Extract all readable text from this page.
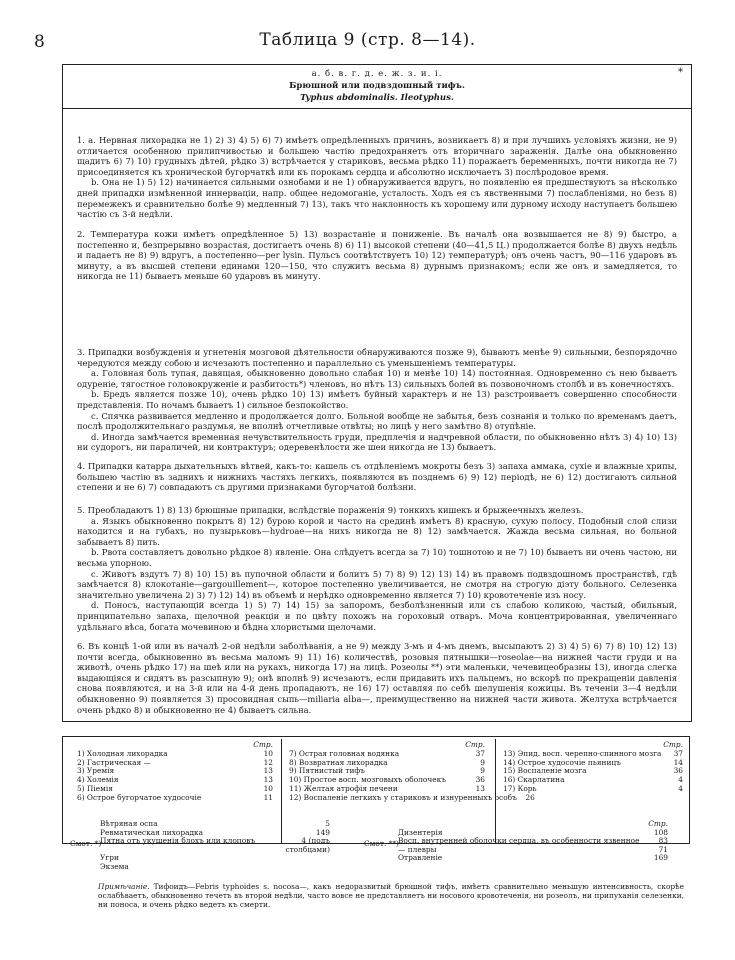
8	Таблица 9 (стр. 8—14).
а. б. в. г. д. е. ж. з. и. і.
Брюшной или подвздошный тифъ.
Typhus abdominalis. Ileotyphus.
*
1. а. Нервная лихорадка не 1) 2) 3) 4) 5) 6) 7) имѣетъ опредѣленныхъ причинъ, возникаетъ 8) и при лучшихъ условіяхъ жизни, не 9) отличается особенною прилипчивостью и большею частію предохраняетъ отъ вторичнаго зараженія. Далѣе она обыкновенно щадитъ 6) 7) 10) грудныхъ дѣтей, рѣдко 3) встрѣчается у стариковъ, весьма рѣдко 11) поражаетъ беременныхъ, почти никогда не 7) присоединяется къ хронической бугорчаткѣ или къ порокамъ сердца и абсолютно исключаетъ 3) послѣродовое время.
b. Она не 1) 5) 12) начинается сильными ознобами и не 1) обнаруживается вдругъ, но появленію ея предшествуютъ за нѣсколько дней припадки измѣненной иннерваціи, напр. общее недомоганіе, усталость. Ходъ ея съ явственными 7) послабленіями, но безъ 8) перемежекъ и сравнительно болѣе 9) медленный 7) 13), такъ что наклонность къ хорошему или дурному исходу наступаетъ большею частію съ 3-й недѣли.
2. Температура кожи имѣетъ опредѣленное 5) 13) возрастаніе и пониженіе. Въ началѣ она возвышается не 8) 9) быстро, а постепенно и, безпрерывно возрастая, достигаетъ очень 8) 6) 11) высокой степени (40—41,5 Ц.) продолжается болѣе 8) двухъ недѣль и падаетъ не 8) 9) вдругъ, а постепенно—per lysin. Пульсъ соотвѣтствуетъ 10) 12) температурѣ; онъ очень частъ, 90—116 ударовъ въ минуту, а въ высшей степени единами 120—150, что служитъ весьма 8) дурнымъ признакомъ; если же онъ и замедляется, то никогда не 11) бываетъ меньше 60 ударовъ въ минуту.
3. Припадки возбужденія и угнетенія мозговой дѣятельности обнаруживаются позже 9), бываютъ менѣе 9) сильными, безпорядочно чередуются между собою и исчезаютъ постепенно и параллельно съ уменьшеніемъ температуры.
а. Головная боль тупая, давящая, обыкновенно довольно слабая 10) и менѣе 10) 14) постоянная. Одновременно съ нею бываетъ одуреніе, тягостное головокруженіе и разбитость*) членовъ, но нѣтъ 13) сильныхъ болей въ позвоночномъ столбѣ и въ конечностяхъ.
b. Бредъ является позже 10), очень рѣдко 10) 13) имѣетъ буйный характеръ и не 13) разстроиваетъ совершенно способности представленія. По ночамъ бываетъ 1) сильное безпокойство.
c. Спячка развивается медленно и продолжается долго. Больной вообще не забытья, безъ сознанія и только по временамъ даетъ, послѣ продолжительнаго раздумья, не вполнѣ отчетливые отвѣты; но лицѣ у него замѣтно 8) отупѣніе.
d. Иногда замѣчается временная нечувствительность груди, предплечія и надчревной области, по обыкновенно нѣтъ 3) 4) 10) 13) ни судорогъ, ни параличей, ни контрактуръ; одеревенѣлости же шеи никогда не 13) бываетъ.
4. Припадки катарра дыхательныхъ вѣтвей, какъ-то: кашель съ отдѣленіемъ мокроты безъ 3) запаха аммака, сухіе и влажные хрипы, большею частію въ заднихъ и нижнихъ частяхъ легкихъ, появляются въ позднемъ 6) 9) 12) періодѣ, не 6) 12) достигаютъ сильной степени и не 6) 7) совпадаютъ съ другими признаками бугорчатой болѣзни.
5. Преобладаютъ 1) 8) 13) брюшные припадки, вслѣдствіе пораженія 9) тонкихъ кишекъ и брыжеечныхъ железъ.
а. Языкъ обыкновенно покрытъ 8) 12) бурою корой и часто на срединѣ имѣетъ 8) красную, сухую полосу. Подобный слой слизи находится и на губахъ, но пузырьковъ—hydroae—на нихъ никогда не 8) 12) замѣчается. Жажда весьма сильная, но больной забываетъ 8) пить.
b. Рвота составляетъ довольно рѣдкое 8) явленіе. Она слѣдуетъ всегда за 7) 10) тошнотою и не 7) 10) бываетъ ни очень частою, ни весьма упорною.
c. Животъ вздутъ 7) 8) 10) 15) въ пупочной области и болитъ 5) 7) 8) 9) 12) 13) 14) въ правомъ подвздошномъ пространствѣ, гдѣ замѣчается 8) клокотаніе—gargouillement—, которое постепенно увеличивается, не смотря на строгую діэту больного. Селезенка значительно увеличена 2) 3) 7) 12) 14) въ объемѣ и нерѣдко одновременно является 7) 10) кровотеченіе изъ носу.
d. Поносъ, наступающій всегда 1) 5) 7) 14) 15) за запоромъ, безболѣзненный или съ слабою коликою, частый, обильный, принципательно запаха, щелочной реакціи и по цвѣту похожъ на гороховый отваръ. Моча концентрированная, увеличеннаго удѣльнаго вѣса, богата мочевиною и бѣдна хлористыми щелочами.
6. Въ концѣ 1-ой или въ началѣ 2-ой недѣли заболѣванія, а не 9) между 3-мъ и 4-мъ днемъ, высыпаютъ 2) 3) 4) 5) 6) 7) 8) 10) 12) 13) почти всегда, обыкновенно въ весьма маломъ 9) 11) 16) количествѣ, розовыя пятнышки—roseolae—на нижней части груди и на животѣ, очень рѣдко 17) на шеѣ или на рукахъ, никогда 17) на лицѣ. Розеолы **) эти маленьки, чечевицеобразны 13), иногда слегка выдающіяся и сидятъ въ разсыпную 9); онѣ вполнѣ 9) исчезаютъ, если придавить ихъ пальцемъ, но вскорѣ по прекращеніи давленія снова появляются, и на 3-й или на 4-й день пропадаютъ, не 16) 17) оставляя по себѣ шелушенія кожицы. Въ теченіи 3—4 недѣли обыкновенно 9) появляется 3) просовидная сыпь—miliaria alba—, преимущественно на нижней части живота. Желтуха встрѣчается очень рѣдко 8) и обыкновенно не 4) бываетъ сильна.
Стр.
1) Холодная лихорадка	10
2) Гастрическая —	12
3) Уремія	13
4) Холемія	13
5) Піемія	10
6) Острое бугорчатое худосочіе	11
Стр.
7) Острая головная водянка	37
8) Возвратная лихорадка	9
9) Пятнистый тифъ	9
10) Простое восп. мозговыхъ оболочекъ	36
11) Желтая атрофія печени	13
12) Воспаленіе легкихъ у стариковъ и изнуренныхъ особъ	26
Стр.
13) Эпид. восп. черепно-спинного мозга	37
14) Острое худосочіе пьяницъ	14
15) Воспаленіе мозга	36
16) Скарлатина	4
17) Корь	4
Смот. *)
Вѣтряная оспа	5
Ревматическая лихорадка	149
Пятна отъ укушенія блохъ или клоповъ	4 (подъ столбцами)
Угри
Экзема
Смот. **)
Стр.
Дизентерія	108
Восп. внутренней оболочки сердца, въ особенности язвенное	83
— плевры	71
Отравленіе	169
Примѣчаніе. Тифоидъ—Febris typhoides s. nocosa—, какъ недоразвитый брюшной тифъ, имѣетъ сравнительно меньшую интенсивность, скорѣе ослабѣваетъ, обыкновенно течетъ въ второй недѣли, часто вовсе не представляетъ ни носового кровотеченія, ни розеолъ, ни припуханія селезенки, ни поноса, и очень рѣдко ведетъ къ смерти.
